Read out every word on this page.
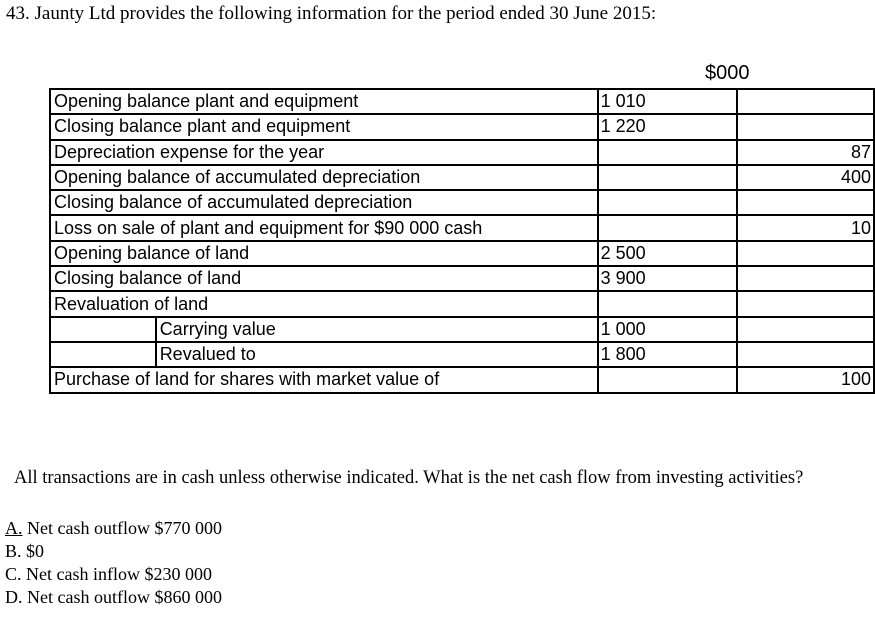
43. Jaunty Ltd provides the following information for the period ended 30 June 2015:
$000
Opening balance plant and equipment		1 010	
Closing balance plant and equipment		1 220	
Depreciation expense for the year			87
Opening balance of accumulated depreciation			400
Closing balance of accumulated depreciation			
Loss on sale of plant and equipment for $90 000 cash			10
Opening balance of land		2 500	
Closing balance of land		3 900	
Revaluation of land			
	Carrying value	1 000	
	Revalued to	1 800	
Purchase of land for shares with market value of			100
All transactions are in cash unless otherwise indicated. What is the net cash flow from investing activities?
A. Net cash outflow $770 000
B. $0
C. Net cash inflow $230 000
D. Net cash outflow $860 000
